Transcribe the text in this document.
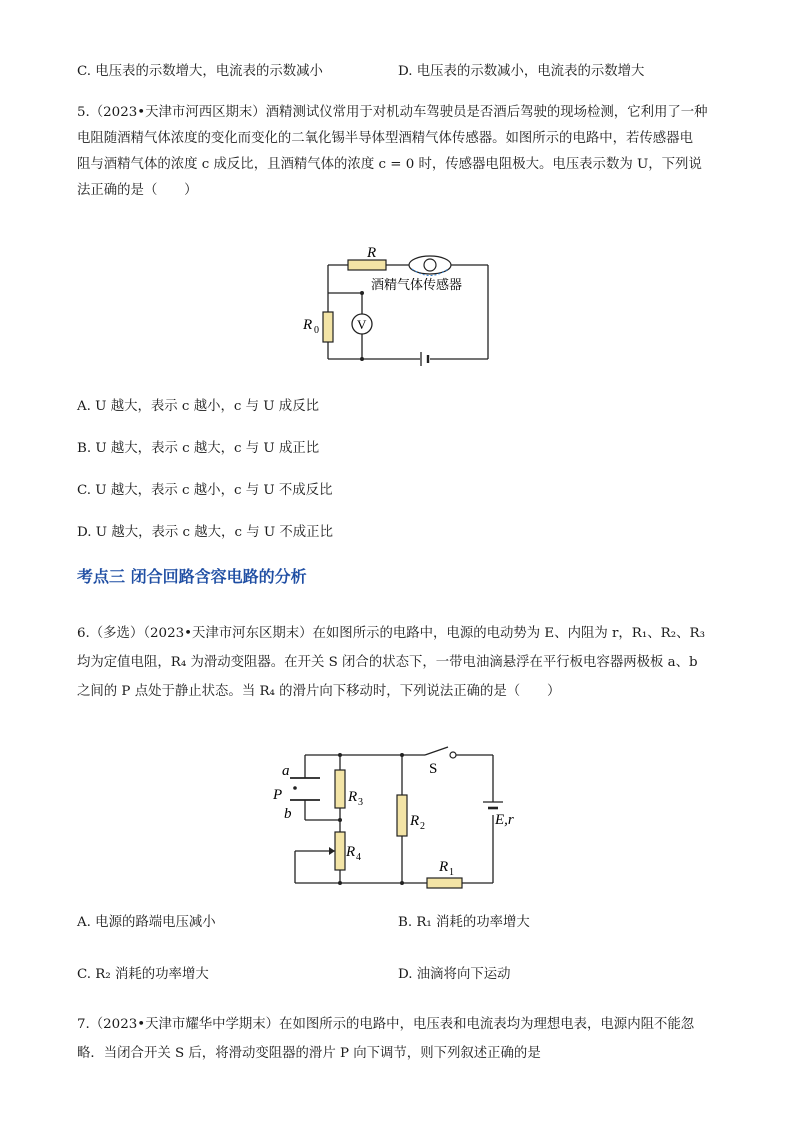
C. 电压表的示数增大，电流表的示数减小	D. 电压表的示数减小，电流表的示数增大
5.（2023•天津市河西区期末）酒精测试仪常用于对机动车驾驶员是否酒后驾驶的现场检测，它利用了一种
电阻随酒精气体浓度的变化而变化的二氧化锡半导体型酒精气体传感器。如图所示的电路中，若传感器电
阻与酒精气体的浓度 c 成反比，且酒精气体的浓度 c = 0 时，传感器电阻极大。电压表示数为 U，下列说
法正确的是（　　）
R
R 0	V
酒精气体传感器
A. U 越大，表示 c 越小，c 与 U 成反比
B. U 越大，表示 c 越大，c 与 U 成正比
C. U 越大，表示 c 越小，c 与 U 不成反比
D. U 越大，表示 c 越大，c 与 U 不成正比
考点三 闭合回路含容电路的分析
6.（多选）（2023•天津市河东区期末）在如图所示的电路中，电源的电动势为 E、内阻为 r，R₁、R₂、R₃
均为定值电阻，R₄ 为滑动变阻器。在开关 S 闭合的状态下，一带电油滴悬浮在平行板电容器两极板 a、b
之间的 P 点处于静止状态。当 R₄ 的滑片向下移动时，下列说法正确的是（　　）
a
P
b
S
R 3
R 4
R 2
R 1
E,r
A. 电源的路端电压减小	B. R₁ 消耗的功率增大
C. R₂ 消耗的功率增大	D. 油滴将向下运动
7.（2023•天津市耀华中学期末）在如图所示的电路中，电压表和电流表均为理想电表，电源内阻不能忽
略．当闭合开关 S 后，将滑动变阻器的滑片 P 向下调节，则下列叙述正确的是
